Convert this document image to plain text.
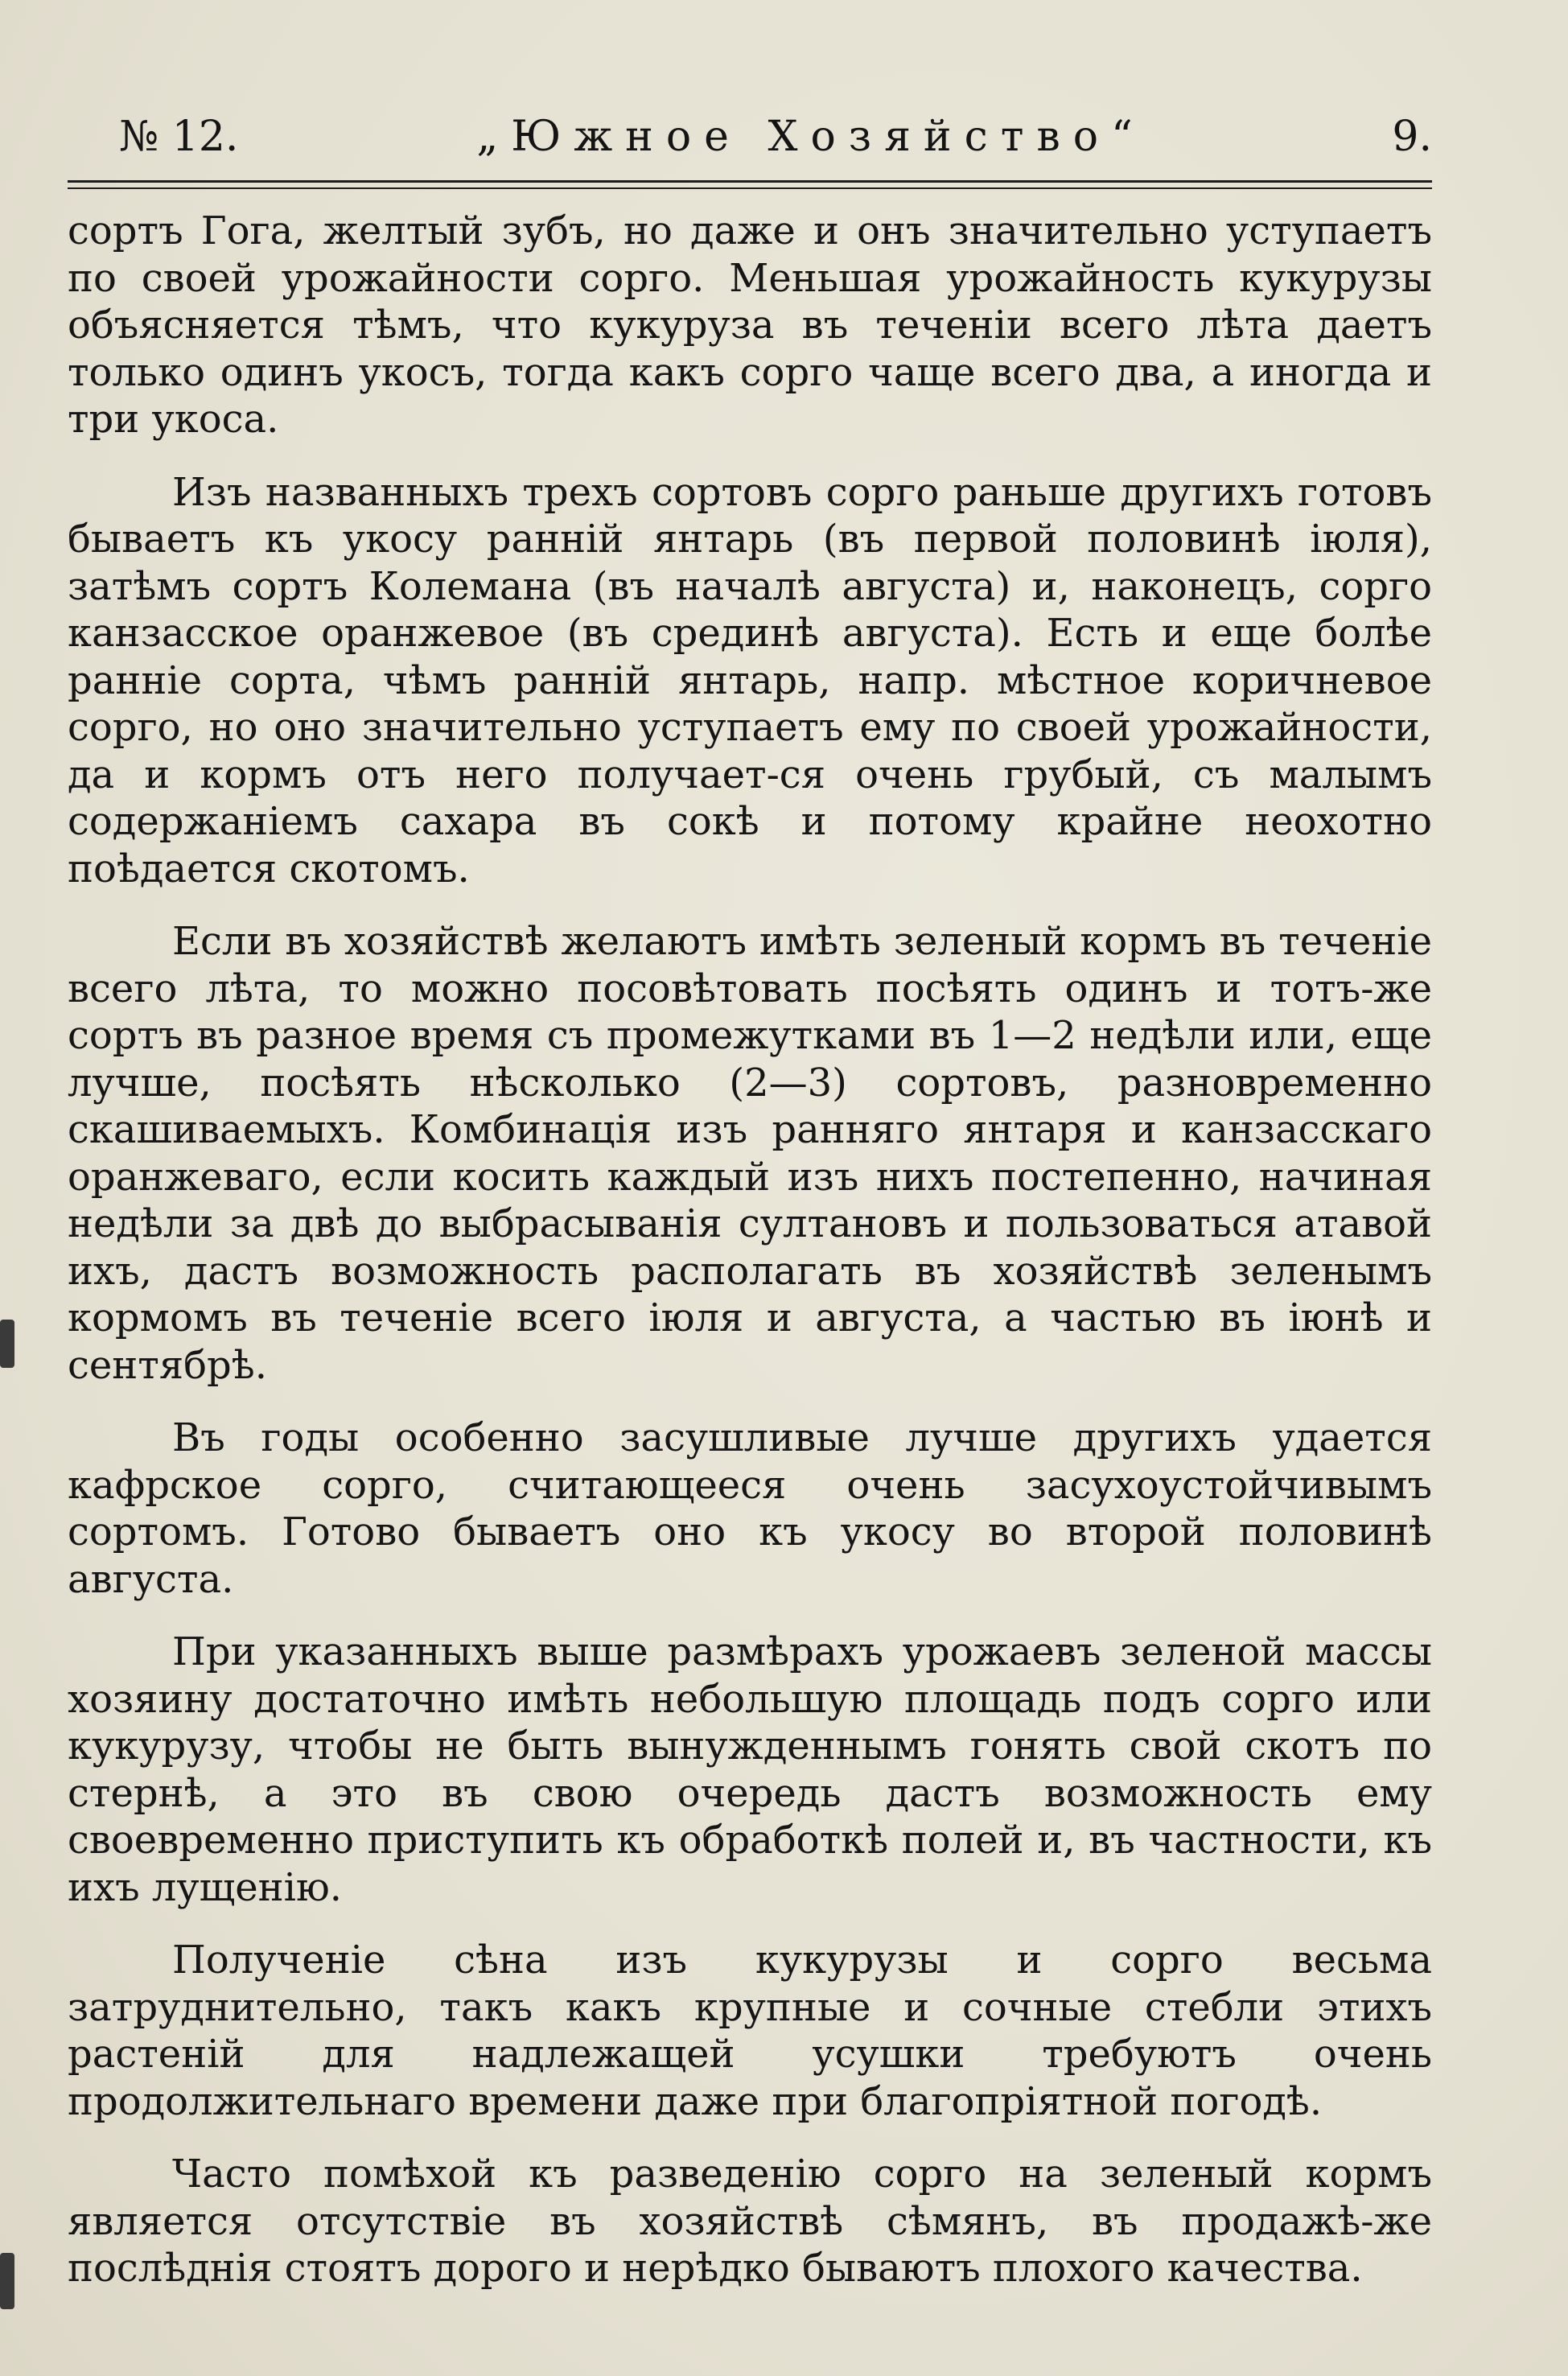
№ 12.	„Южное Хозяйство“	9.

сортъ Гога, желтый зубъ, но даже и онъ значительно уступаетъ по своей урожайности сорго. Меньшая урожайность кукурузы объясняется тѣмъ, что кукуруза въ теченіи всего лѣта даетъ только одинъ укосъ, тогда какъ сорго чаще всего два, а иногда и три укоса.

Изъ названныхъ трехъ сортовъ сорго раньше другихъ готовъ бываетъ къ укосу ранній янтарь (въ первой половинѣ іюля), затѣмъ сортъ Колемана (въ началѣ августа) и, наконецъ, сорго канзасское оранжевое (въ срединѣ августа). Есть и еще болѣе ранніе сорта, чѣмъ ранній янтарь, напр. мѣстное коричневое сорго, но оно значительно уступаетъ ему по своей урожайности, да и кормъ отъ него получает-ся очень грубый, съ малымъ содержаніемъ сахара въ сокѣ и потому крайне неохотно поѣдается скотомъ.

Если въ хозяйствѣ желаютъ имѣть зеленый кормъ въ теченіе всего лѣта, то можно посовѣтовать посѣять одинъ и тотъ-же сортъ въ разное время съ промежутками въ 1—2 недѣли или, еще лучше, посѣять нѣсколько (2—3) сортовъ, разновременно скашиваемыхъ. Комбинація изъ ранняго янтаря и канзасскаго оранжеваго, если косить каждый изъ нихъ постепенно, начиная недѣли за двѣ до выбрасыванія султановъ и пользоваться атавой ихъ, дастъ возможность располагать въ хозяйствѣ зеленымъ кормомъ въ теченіе всего іюля и августа, а частью въ іюнѣ и сентябрѣ.

Въ годы особенно засушливые лучше другихъ удается кафрское сорго, считающееся очень засухоустойчивымъ сортомъ. Готово бываетъ оно къ укосу во второй половинѣ августа.

При указанныхъ выше размѣрахъ урожаевъ зеленой массы хозяину достаточно имѣть небольшую площадь подъ сорго или кукурузу, чтобы не быть вынужденнымъ гонять свой скотъ по стернѣ, а это въ свою очередь дастъ возможность ему своевременно приступить къ обработкѣ полей и, въ частности, къ ихъ лущенію.

Полученіе сѣна изъ кукурузы и сорго весьма затруднительно, такъ какъ крупные и сочные стебли этихъ растеній для надлежащей усушки требуютъ очень продолжительнаго времени даже при благопріятной погодѣ.

Часто помѣхой къ разведенію сорго на зеленый кормъ является отсутствіе въ хозяйствѣ сѣмянъ, въ продажѣ-же послѣднія стоятъ дорого и нерѣдко бываютъ плохого качества.
